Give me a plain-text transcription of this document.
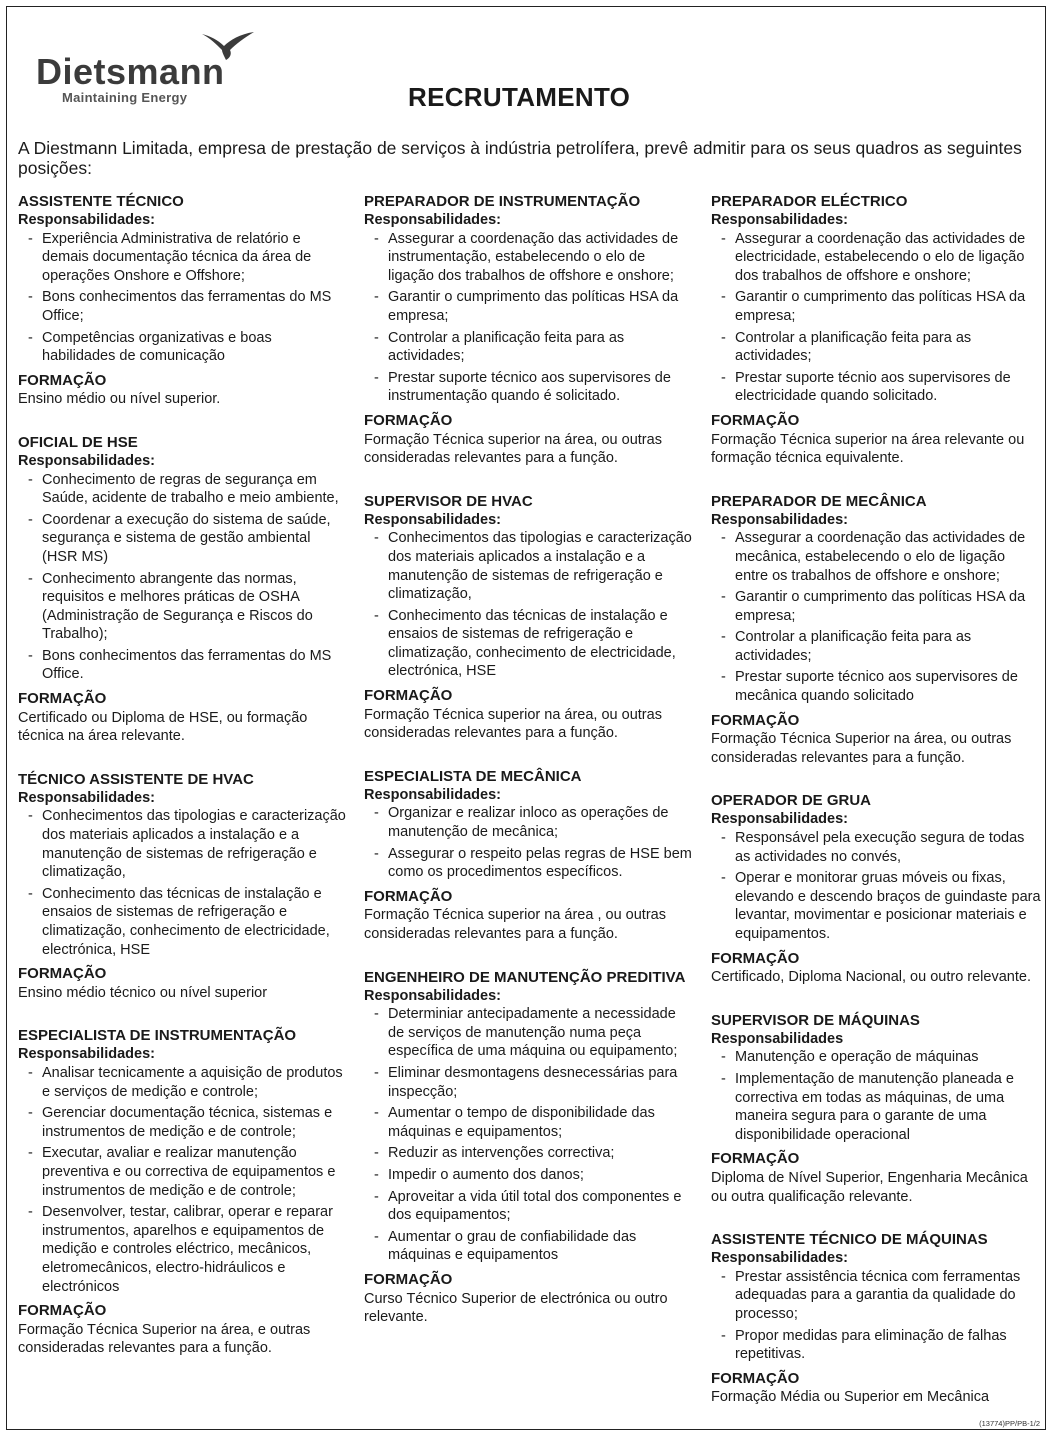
Dietsmann
Maintaining Energy	RECRUTAMENTO
A Diestmann Limitada, empresa de prestação de serviços à indústria petrolífera, prevê admitir para os seus quadros as seguintes posições:
ASSISTENTE TÉCNICO
Responsabilidades:
- Experiência Administrativa de relatório e demais documentação técnica da área de operações Onshore e Offshore;
- Bons conhecimentos das ferramentas do MS Office;
- Competências organizativas e boas habilidades de comunicação
FORMAÇÃO
Ensino médio ou nível superior.
OFICIAL DE HSE
Responsabilidades:
- Conhecimento de regras de segurança em Saúde, acidente de trabalho e meio ambiente,
- Coordenar a execução do sistema de saúde, segurança e sistema de gestão ambiental (HSR MS)
- Conhecimento abrangente das normas, requisitos e melhores práticas de OSHA (Administração de Segurança e Riscos do Trabalho);
- Bons conhecimentos das ferramentas do MS Office.
FORMAÇÃO
Certificado ou Diploma de HSE, ou formação técnica na área relevante.
TÉCNICO ASSISTENTE DE HVAC
Responsabilidades:
- Conhecimentos das tipologias e caracterização dos materiais aplicados a instalação e a manutenção de sistemas de refrigeração e climatização,
- Conhecimento das técnicas de instalação e ensaios de sistemas de refrigeração e climatização, conhecimento de electricidade, electrónica, HSE
FORMAÇÃO
Ensino médio técnico ou nível superior
ESPECIALISTA DE INSTRUMENTAÇÃO
Responsabilidades:
- Analisar tecnicamente a aquisição de produtos e serviços de medição e controle;
- Gerenciar documentação técnica, sistemas e instrumentos de medição e de controle;
- Executar, avaliar e realizar manutenção preventiva e ou correctiva de equipamentos e instrumentos de medição e de controle;
- Desenvolver, testar, calibrar, operar e reparar instrumentos, aparelhos e equipamentos de medição e controles eléctrico, mecânicos, eletromecânicos, electro-hidráulicos e electrónicos
FORMAÇÃO
Formação Técnica Superior na área, e outras consideradas relevantes para a função.
PREPARADOR DE INSTRUMENTAÇÃO
Responsabilidades:
- Assegurar a coordenação das actividades de instrumentação, estabelecendo o elo de ligação dos trabalhos de offshore e onshore;
- Garantir o cumprimento das políticas HSA da empresa;
- Controlar a planificação feita para as actividades;
- Prestar suporte técnico aos supervisores de instrumentação quando é solicitado.
FORMAÇÃO
Formação Técnica superior na área, ou outras consideradas relevantes para a função.
SUPERVISOR DE HVAC
Responsabilidades:
- Conhecimentos das tipologias e caracterização dos materiais aplicados a instalação e a manutenção de sistemas de refrigeração e climatização,
- Conhecimento das técnicas de instalação e ensaios de sistemas de refrigeração e climatização, conhecimento de electricidade, electrónica, HSE
FORMAÇÃO
Formação Técnica superior na área, ou outras consideradas relevantes para a função.
ESPECIALISTA DE MECÂNICA
Responsabilidades:
- Organizar e realizar inloco as operações de manutenção de mecânica;
- Assegurar o respeito pelas regras de HSE bem como os procedimentos específicos.
FORMAÇÃO
Formação Técnica superior na área , ou outras consideradas relevantes para a função.
ENGENHEIRO DE MANUTENÇÃO PREDITIVA
Responsabilidades:
- Determiniar antecipadamente a necessidade de serviços de manutenção numa peça específica de uma máquina ou equipamento;
- Eliminar desmontagens desnecessárias para inspecção;
- Aumentar o tempo de disponibilidade das máquinas e equipamentos;
- Reduzir as intervenções correctiva;
- Impedir o aumento dos danos;
- Aproveitar a vida útil total dos componentes e dos equipamentos;
- Aumentar o grau de confiabilidade das máquinas e equipamentos
FORMAÇÃO
Curso Técnico Superior de electrónica ou outro relevante.
PREPARADOR ELÉCTRICO
Responsabilidades:
- Assegurar a coordenação das actividades de electricidade, estabelecendo o elo de ligação dos trabalhos de offshore e onshore;
- Garantir o cumprimento das políticas HSA da empresa;
- Controlar a planificação feita para as actividades;
- Prestar suporte técnio aos supervisores de electricidade quando solicitado.
FORMAÇÃO
Formação Técnica superior na área relevante ou formação técnica equivalente.
PREPARADOR DE MECÂNICA
Responsabilidades:
- Assegurar a coordenação das actividades de mecânica, estabelecendo o elo de ligação entre os trabalhos de offshore e onshore;
- Garantir o cumprimento das políticas HSA da empresa;
- Controlar a planificação feita para as actividades;
- Prestar suporte técnico aos supervisores de mecânica quando solicitado
FORMAÇÃO
Formação Técnica Superior na área, ou outras consideradas relevantes para a função.
OPERADOR DE GRUA
Responsabilidades:
- Responsável pela execução segura de todas as actividades no convés,
- Operar e monitorar gruas móveis ou fixas, elevando e descendo braços de guindaste para levantar, movimentar e posicionar materiais e equipamentos.
FORMAÇÃO
Certificado, Diploma Nacional, ou outro relevante.
SUPERVISOR DE MÁQUINAS
Responsabilidades
- Manutenção e operação de máquinas
- Implementação de manutenção planeada e correctiva em todas as máquinas, de uma maneira segura para o garante de uma disponibilidade operacional
FORMAÇÃO
Diploma de Nível Superior, Engenharia Mecânica ou outra qualificação relevante.
ASSISTENTE TÉCNICO DE MÁQUINAS
Responsabilidades:
- Prestar assistência técnica com ferramentas adequadas para a garantia da qualidade do processo;
- Propor medidas para eliminação de falhas repetitivas.
FORMAÇÃO
Formação Média ou Superior em Mecânica
(13774)PP/PB-1/2
